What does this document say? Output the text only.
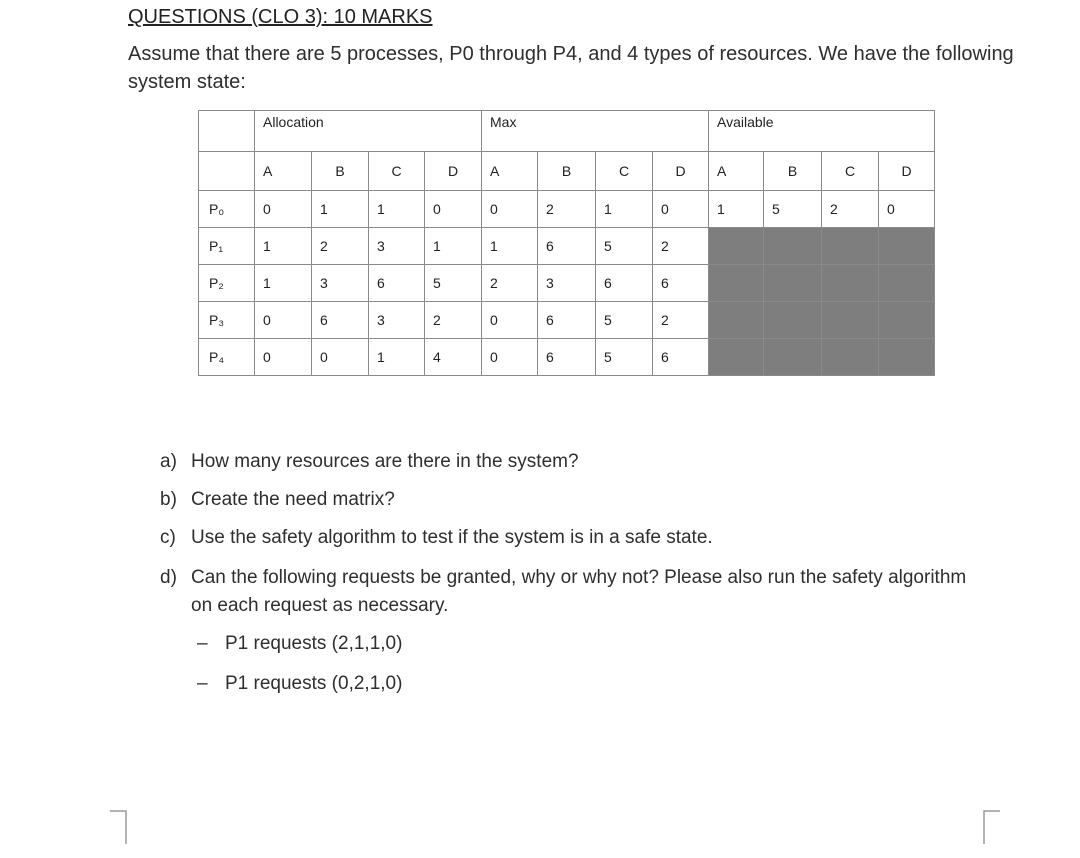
QUESTIONS (CLO 3): 10 MARKS
Assume that there are 5 processes, P0 through P4, and 4 types of resources. We have the following system state:
	Allocation				Max				Available			
	A	B	C	D	A	B	C	D	A	B	C	D
P₀	0	1	1	0	0	2	1	0	1	5	2	0
P₁	1	2	3	1	1	6	5	2				
P₂	1	3	6	5	2	3	6	6				
P₃	0	6	3	2	0	6	5	2				
P₄	0	0	1	4	0	6	5	6				
a) How many resources are there in the system?
b) Create the need matrix?
c) Use the safety algorithm to test if the system is in a safe state.
d) Can the following requests be granted, why or why not? Please also run the safety algorithm on each request as necessary.
– P1 requests (2,1,1,0)
– P1 requests (0,2,1,0)
